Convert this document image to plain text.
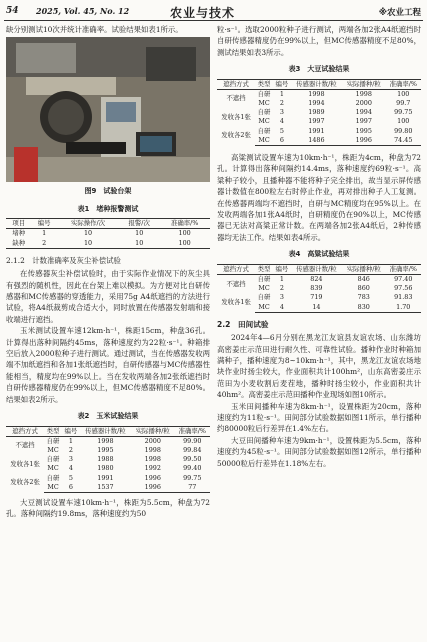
54 2025, Vol. 45, No. 12	农业与技术	※农业工程

缺分别测试10次并统计准确率。试验结果如表1所示。

图9　试验台架
表1　堵种报警测试
项目	编号	实际操作/次	报警/次	准确率/%
堵种	1	10	10	100
缺种	2	10	10	100
2.1.2　计数准确率及灰尘补偿试验

在传感器灰尘补偿试验时，由于实际作业情况下的灰尘具有强烈的随机性，因此在台架上难以模拟。为方便对比自研传感器和MC传感器的穿透能力，采用75g A4纸遮挡的方法进行试验，将A4纸裁剪成合适大小，同时放置在传感器发射端和接收端进行遮挡。

玉米测试设置车速12km·h⁻¹，株距15cm，种盘36孔。计算得出落种间隔约45ms，落种速度约为22粒·s⁻¹。种箱排空后放入2000粒种子进行测试。通过测试，当在传感器发收两端不加纸遮挡和各加1张纸遮挡时，自研传感器与MC传感器性能相当，精度均在99%以上。当在发收两端各加2张纸遮挡时自研传感器精度仍在99%以上，但MC传感器精度不足80%。结果如表2所示。

表2　玉米试验结果
遮挡方式	类型	编号	传感器计数/粒	实际播种/粒	准确率/%
不遮挡	自研	1	1998	2000	99.90
	MC	2	1995	1998	99.84
发收各1张	自研	3	1988	1998	99.50
	MC	4	1980	1992	99.40
发收各2张	自研	5	1991	1996	99.75
	MC	6	1537	1996	77

大豆测试设置车速10km·h⁻¹，株距为5.5cm，种盘为72孔。落种间隔约19.8ms，落种速度约为50

粒·s⁻¹。选取2000粒种子进行测试，两端各加2张A4纸遮挡时自研传感器精度仍在99%以上，但MC传感器精度不足80%，测试结果如表3所示。

表3　大豆试验结果
遮挡方式	类型	编号	传感器计数/粒	实际播种/粒	准确率/%
不遮挡	自研	1	1998	1998	100
	MC	2	1994	2000	99.7
发收各1张	自研	3	1989	1994	99.75
	MC	4	1997	1997	100
发收各2张	自研	5	1991	1995	99.80
	MC	6	1486	1996	74.45

高粱测试设置车速为10km·h⁻¹，株距为4cm，种盘为72孔。计算得出落种间隔约14.4ms，落种速度约69粒·s⁻¹。高粱种子较小，且播种器不能将种子完全排出，故当显示屏传感器计数值在800粒左右时停止作业，再对排出种子人工复测。在传感器两端均不遮挡时，自研与MC精度均在95%以上。在发收两端各加1张A4纸时，自研精度仍在90%以上，MC传感器已无法对高粱正常计数。在两端各加2张A4纸后，2种传感器均无法工作。结果如表4所示。

表4　高粱试验结果
遮挡方式	类型	编号	传感器计数/粒	实际播种/粒	准确率/%
不遮挡	自研	1	824	846	97.40
	MC	2	839	860	97.56
发收各1张	自研	3	719	783	91.83
	MC	4	14	830	1.70
2.2　田间试验

2024年4—6月分别在黑龙江友谊县友谊农场、山东潍坊高密姜庄示范田进行耐久性、可靠性试验。播种作业时种箱加满种子，播种速度为8~10km·h⁻¹，其中，黑龙江友谊农场地块作业时扬尘较大，作业面积共计100hm²，山东高密姜庄示范田为小麦收割后麦茬地，播种时扬尘较小，作业面积共计40hm²。高密姜庄示范田播种作业现场如图10所示。

玉米田间播种车速为8km·h⁻¹，设置株距为20cm，落种速度约为11粒·s⁻¹。田间部分试验数据如图11所示，单行播种约80000粒后行差异在1.4%左右。

大豆田间播种车速为9km·h⁻¹，设置株距为5.5cm，落种速度约为45粒·s⁻¹。田间部分试验数据如图12所示，单行播种50000粒后行差异在1.18%左右。
